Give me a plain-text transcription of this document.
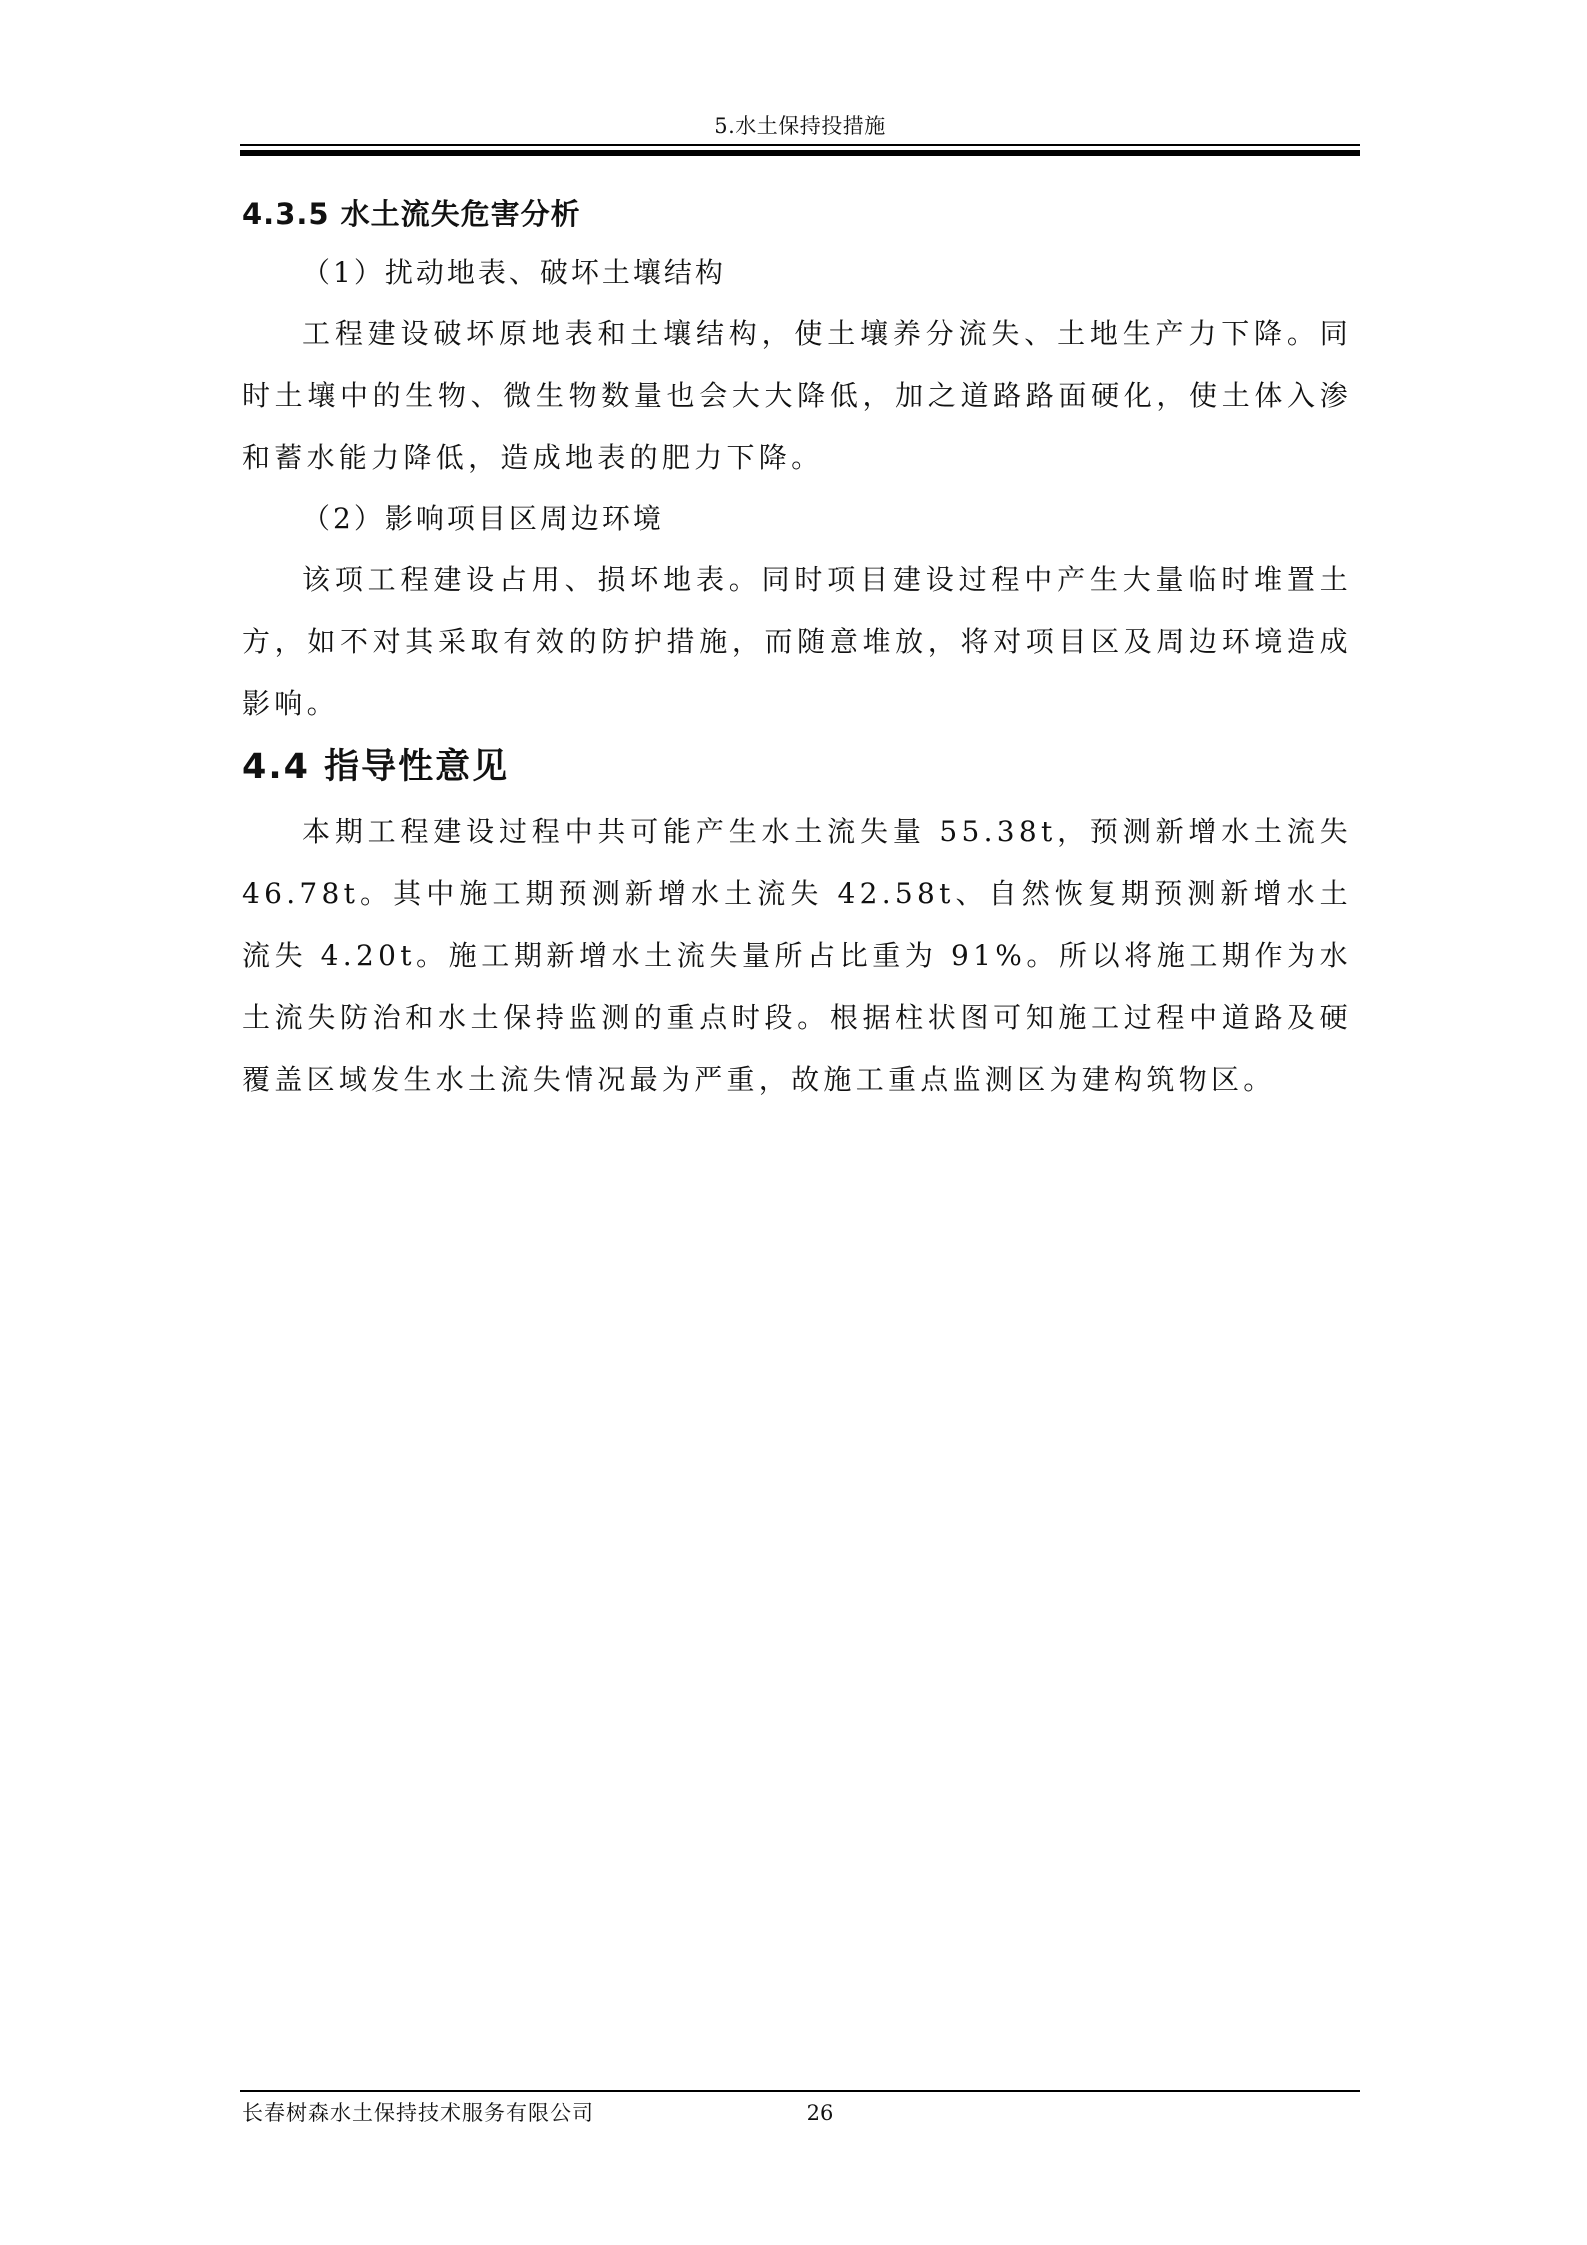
5.水土保持投措施
4.3.5 水土流失危害分析

（1）扰动地表、破坏土壤结构

工程建设破坏原地表和土壤结构，使土壤养分流失、土地生产力下降。同时土壤中的生物、微生物数量也会大大降低，加之道路路面硬化，使土体入渗和蓄水能力降低，造成地表的肥力下降。

（2）影响项目区周边环境

该项工程建设占用、损坏地表。同时项目建设过程中产生大量临时堆置土方，如不对其采取有效的防护措施，而随意堆放，将对项目区及周边环境造成影响。

4.4 指导性意见

本期工程建设过程中共可能产生水土流失量 55.38t，预测新增水土流失 46.78t。其中施工期预测新增水土流失 42.58t、自然恢复期预测新增水土流失 4.20t。施工期新增水土流失量所占比重为 91%。所以将施工期作为水土流失防治和水土保持监测的重点时段。根据柱状图可知施工过程中道路及硬覆盖区域发生水土流失情况最为严重，故施工重点监测区为建构筑物区。

长春树森水土保持技术服务有限公司	26
